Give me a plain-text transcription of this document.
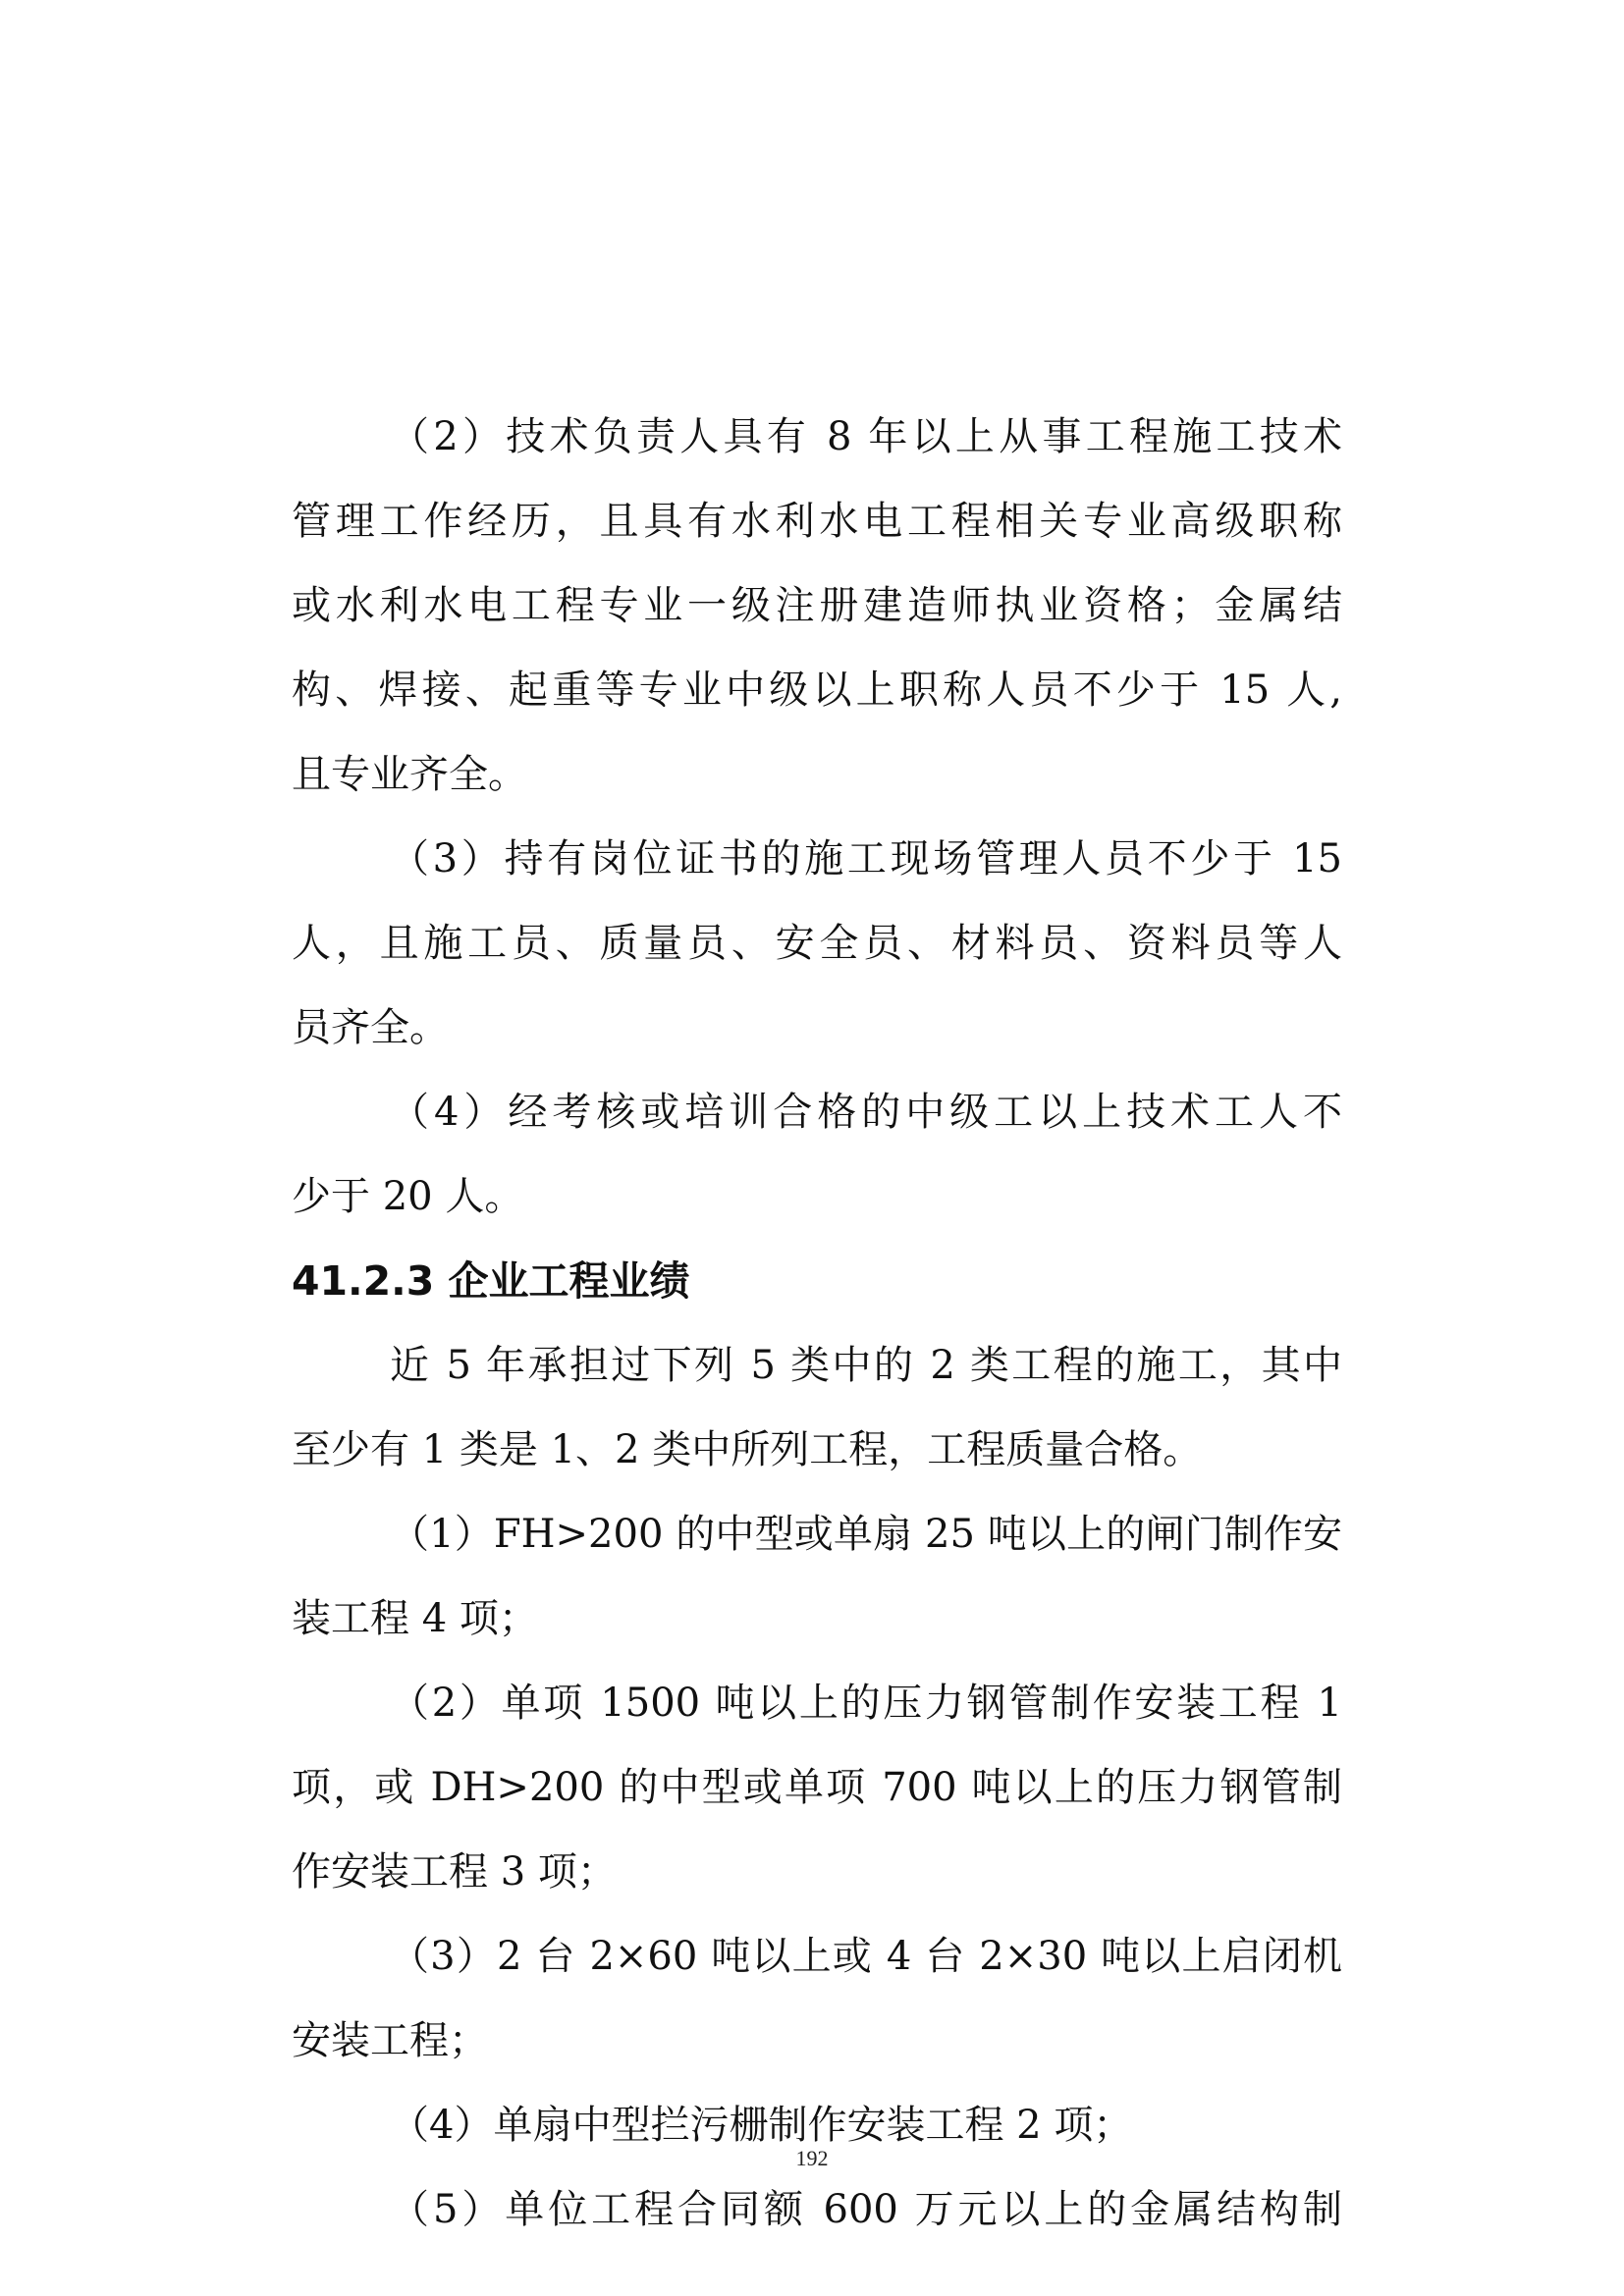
（2）技术负责人具有 8 年以上从事工程施工技术
管理工作经历，且具有水利水电工程相关专业高级职称
或水利水电工程专业一级注册建造师执业资格；金属结
构、焊接、起重等专业中级以上职称人员不少于 15 人,
且专业齐全。
（3）持有岗位证书的施工现场管理人员不少于 15
人，且施工员、质量员、安全员、材料员、资料员等人
员齐全。
（4）经考核或培训合格的中级工以上技术工人不
少于 20 人。
41.2.3 企业工程业绩
近 5 年承担过下列 5 类中的 2 类工程的施工，其中
至少有 1 类是 1、2 类中所列工程，工程质量合格。
（1）FH>200 的中型或单扇 25 吨以上的闸门制作安
装工程 4 项；
（2）单项 1500 吨以上的压力钢管制作安装工程 1
项，或 DH>200 的中型或单项 700 吨以上的压力钢管制
作安装工程 3 项；
（3）2 台 2×60 吨以上或 4 台 2×30 吨以上启闭机
安装工程；
（4）单扇中型拦污栅制作安装工程 2 项；
（5）单位工程合同额 600 万元以上的金属结构制
192
